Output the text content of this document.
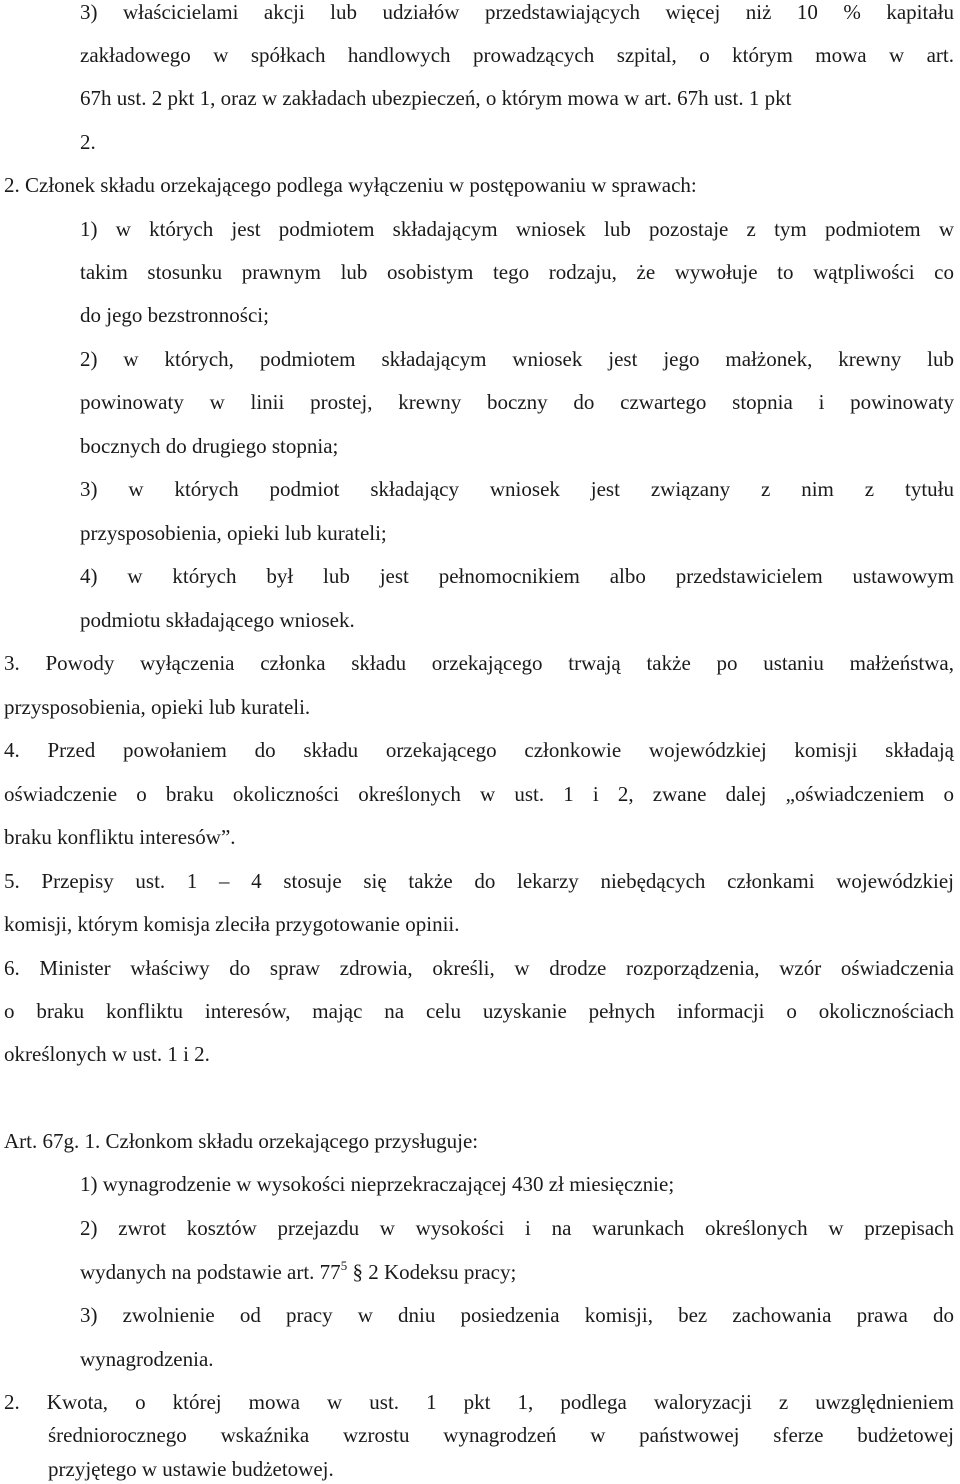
3) właścicielami akcji lub udziałów przedstawiających więcej niż 10 % kapitału
zakładowego w spółkach handlowych prowadzących szpital, o którym mowa w art.
67h ust. 2 pkt 1, oraz w zakładach ubezpieczeń, o którym mowa w art. 67h ust. 1 pkt
2.
2. Członek składu orzekającego podlega wyłączeniu w postępowaniu w sprawach:
1) w których jest podmiotem składającym wniosek lub pozostaje z tym podmiotem w
takim stosunku prawnym lub osobistym tego rodzaju, że wywołuje to wątpliwości co
do jego bezstronności;
2) w których, podmiotem składającym wniosek jest jego małżonek, krewny lub
powinowaty w linii prostej, krewny boczny do czwartego stopnia i powinowaty
bocznych do drugiego stopnia;
3) w których podmiot składający wniosek jest związany z nim z tytułu
przysposobienia, opieki lub kurateli;
4) w których był lub jest pełnomocnikiem albo przedstawicielem ustawowym
podmiotu składającego wniosek.
3. Powody wyłączenia członka składu orzekającego trwają także po ustaniu małżeństwa,
przysposobienia, opieki lub kurateli.
4. Przed powołaniem do składu orzekającego członkowie wojewódzkiej komisji składają
oświadczenie o braku okoliczności określonych w ust. 1 i 2, zwane dalej „oświadczeniem o
braku konfliktu interesów”.
5. Przepisy ust. 1 – 4 stosuje się także do lekarzy niebędących członkami wojewódzkiej
komisji, którym komisja zleciła przygotowanie opinii.
6. Minister właściwy do spraw zdrowia, określi, w drodze rozporządzenia, wzór oświadczenia
o braku konfliktu interesów, mając na celu uzyskanie pełnych informacji o okolicznościach
określonych w ust. 1 i 2.
Art. 67g. 1. Członkom składu orzekającego przysługuje:
1) wynagrodzenie w wysokości nieprzekraczającej 430 zł miesięcznie;
2) zwrot kosztów przejazdu w wysokości i na warunkach określonych w przepisach
wydanych na podstawie art. $77^5$ § 2 Kodeksu pracy;
3) zwolnienie od pracy w dniu posiedzenia komisji, bez zachowania prawa do
wynagrodzenia.
2. Kwota, o której mowa w ust. 1 pkt 1, podlega waloryzacji z uwzględnieniem
średniorocznego wskaźnika wzrostu wynagrodzeń w państwowej sferze budżetowej
przyjętego w ustawie budżetowej.
